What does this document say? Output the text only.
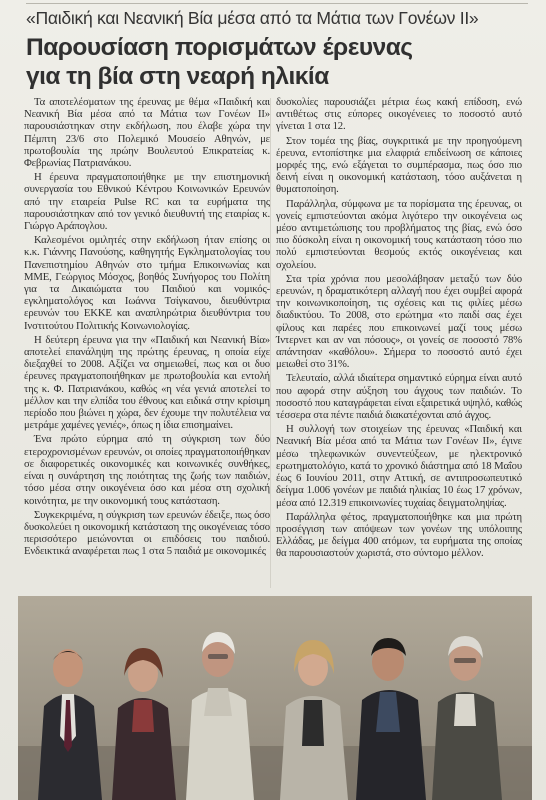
«Παιδική και Νεανική Βία μέσα από τα Μάτια των Γονέων ΙΙ»
Παρουσίαση πορισμάτων έρευνας
για τη βία στη νεαρή ηλικία

Τα αποτελέσματων της έρευνας με θέμα «Παιδική και Νεανική Βία μέσα από τα Μάτια των Γονέων ΙΙ» παρουσιάστηκαν στην εκδήλωση, που έλαβε χώρα την Πέμπτη 23/6 στο Πολεμικό Μουσείο Αθηνών, με πρωτοβουλία της πρώην Βουλευτού Επικρατείας κ. Φεβρωνίας Πατριανάκου.

Η έρευνα πραγματοποιήθηκε με την επιστημονική συνεργασία του Εθνικού Κέντρου Κοινωνικών Ερευνών από την εταιρεία Pulse RC και τα ευρήματα της παρουσιάστηκαν από τον γενικό διευθυντή της εταιρίας κ. Γιώργο Αράπογλου.

Καλεσμένοι ομιλητές στην εκδήλωση ήταν επίσης οι κ.κ. Γιάννης Πανούσης, καθηγητής Εγκληματολογίας του Πανεπιστημίου Αθηνών στο τμήμα Επικοινωνίας και ΜΜΕ, Γεώργιος Μόσχος, βοηθός Συνήγορος του Πολίτη για τα Δικαιώματα του Παιδιού και νομικός-εγκληματολόγος και Ιωάννα Τσίγκανου, διευθύντρια ερευνών του ΕΚΚΕ και αναπληρώτρια διευθύντρια του Ινστιτούτου Πολιτικής Κοινωνιολογίας.

Η δεύτερη έρευνα για την «Παιδική και Νεανική Βία» αποτελεί επανάληψη της πρώτης έρευνας, η οποία είχε διεξαχθεί το 2008. Αξίζει να σημειωθεί, πως και οι δυο έρευνες πραγματοποιήθηκαν με πρωτοβουλία και εντολή της κ. Φ. Πατριανάκου, καθώς «η νέα γενιά αποτελεί το μέλλον και την ελπίδα του έθνους και ειδικά στην κρίσιμη περίοδο που βιώνει η χώρα, δεν έχουμε την πολυτέλεια να μετράμε χαμένες γενιές», όπως η ίδια επισημαίνει.

Ένα πρώτο εύρημα από τη σύγκριση των δύο ετεροχρονισμένων ερευνών, οι οποίες πραγματοποιήθηκαν σε διαφορετικές οικονομικές και κοινωνικές συνθήκες, είναι η συνάρτηση της ποιότητας της ζωής των παιδιών, τόσο μέσα στην οικογένεια όσο και μέσα στη σχολική κοινότητα, με την οικονομική τους κατάσταση.

Συγκεκριμένα, η σύγκριση των ερευνών έδειξε, πως όσο δυσκολεύει η οικονομική κατάσταση της οικογένειας τόσο περισσότερο μειώνονται οι επιδόσεις του παιδιού. Ενδεικτικά αναφέρεται πως 1 στα 5 παιδιά με οικονομικές

δυσκολίες παρουσιάζει μέτρια έως κακή επίδοση, ενώ αντιθέτως στις εύπορες οικογένειες το ποσοστό αυτό γίνεται 1 στα 12.

Στον τομέα της βίας, συγκριτικά με την προηγούμενη έρευνα, εντοπίστηκε μια ελαφριά επιδείνωση σε κάποιες μορφές της, ενώ εξάγεται το συμπέρασμα, πως όσο πιο δεινή είναι η οικονομική κατάσταση, τόσο αυξάνεται η θυματοποίηση.

Παράλληλα, σύμφωνα με τα πορίσματα της έρευνας, οι γονείς εμπιστεύονται ακόμα λιγότερο την οικογένεια ως μέσο αντιμετώπισης του προβλήματος της βίας, ενώ όσο πιο δύσκολη είναι η οικονομική τους κατάσταση τόσο πιο πολύ εμπιστεύονται θεσμούς εκτός οικογένειας και σχολείου.

Στα τρία χρόνια που μεσολάβησαν μεταξύ των δύο ερευνών, η δραματικότερη αλλαγή που έχει συμβεί αφορά την κοινωνικοποίηση, τις σχέσεις και τις φιλίες μέσω διαδικτύου. Το 2008, στο ερώτημα «το παιδί σας έχει φίλους και παρέες που επικοινωνεί μαζί τους μέσω Ίντερνετ και αν ναι πόσους», οι γονείς σε ποσοστό 78% απάντησαν «καθόλου». Σήμερα το ποσοστό αυτό έχει μειωθεί στο 31%.

Τελευταίο, αλλά ιδιαίτερα σημαντικό εύρημα είναι αυτό που αφορά στην αύξηση του άγχους των παιδιών. Το ποσοστό που καταγράφεται είναι εξαιρετικά υψηλό, καθώς τέσσερα στα πέντε παιδιά διακατέχονται από άγχος.

Η συλλογή των στοιχείων της έρευνας «Παιδική και Νεανική Βία μέσα από τα Μάτια των Γονέων ΙΙ», έγινε μέσω τηλεφωνικών συνεντεύξεων, με ηλεκτρονικό ερωτηματολόγιο, κατά το χρονικό διάστημα από 18 Μαΐου έως 6 Ιουνίου 2011, στην Αττική, σε αντιπροσωπευτικό δείγμα 1.006 γονέων με παιδιά ηλικίας 10 έως 17 χρόνων, μέσα από 12.319 επικοινωνίες τυχαίας δειγματοληψίας.

Παράλληλα φέτος, πραγματοποιήθηκε και μια πρώτη προσέγγιση των απόψεων των γονέων της υπόλοιπης Ελλάδας, με δείγμα 400 ατόμων, τα ευρήματα της οποίας θα παρουσιαστούν χωριστά, στο σύντομο μέλλον.
